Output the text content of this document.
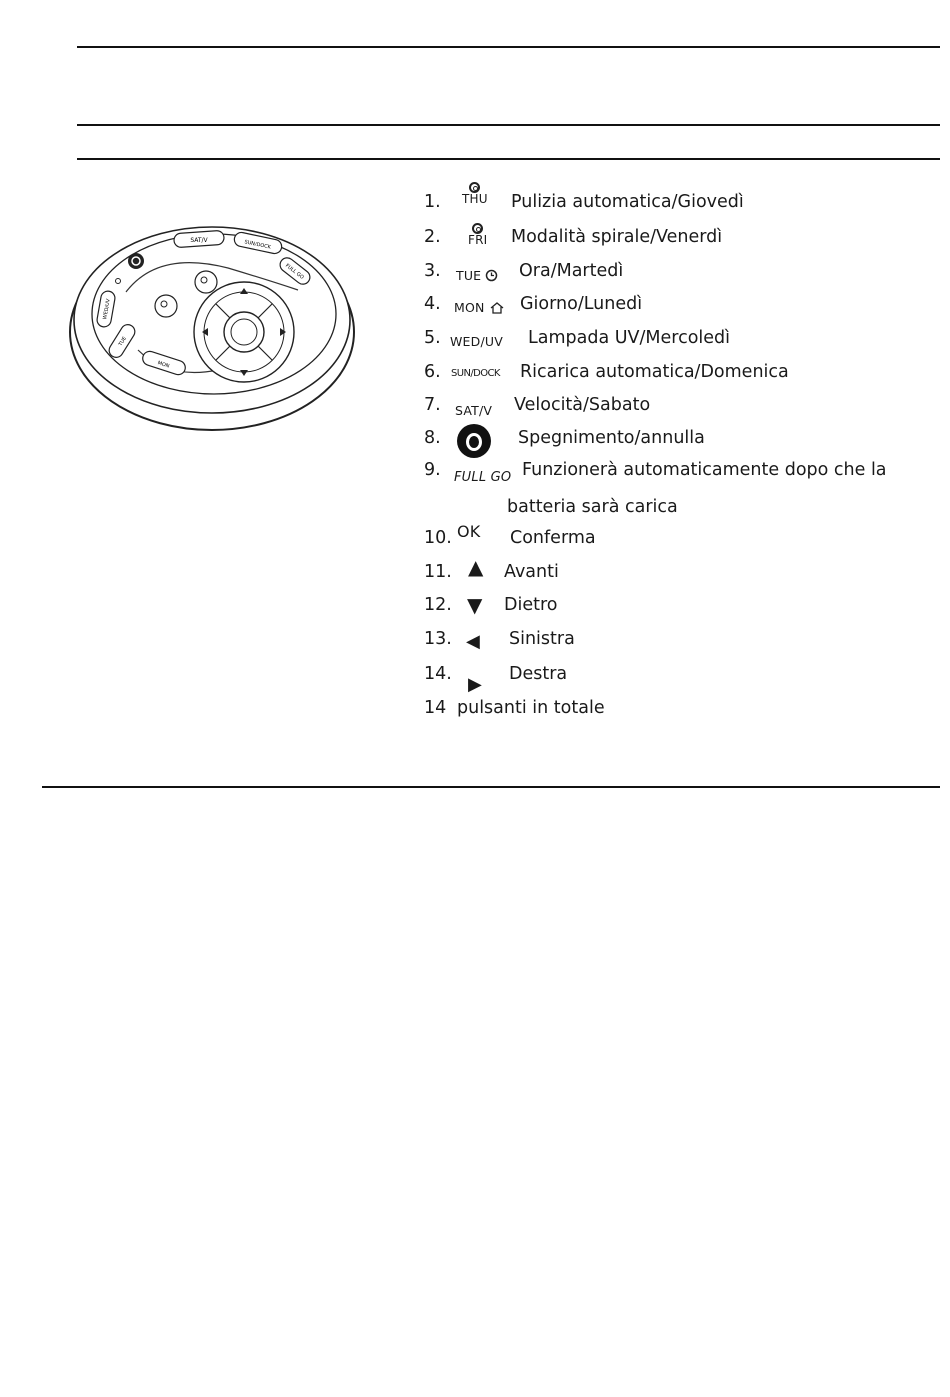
SAT/V	SUN/DOCK
FULL GO
WED/UV
TUE
MON
1. THU Pulizia automatica/Giovedì
2. FRI Modalità spirale/Venerdì
3. TUE	Ora/Martedì
4. MON	Giorno/Lunedì
5. WED/UV Lampada UV/Mercoledì
6. SUN/DOCK Ricarica automatica/Domenica
7. SAT/V Velocità/Sabato
8.	Spegnimento/annulla
9. FULL GO Funzionerà automaticamente dopo che la
batteria sarà carica
10. OK Conferma
11. ▲ Avanti
12. ▼ Dietro
13. ◀ Sinistra
14. ▶ Destra
14 pulsanti in totale
